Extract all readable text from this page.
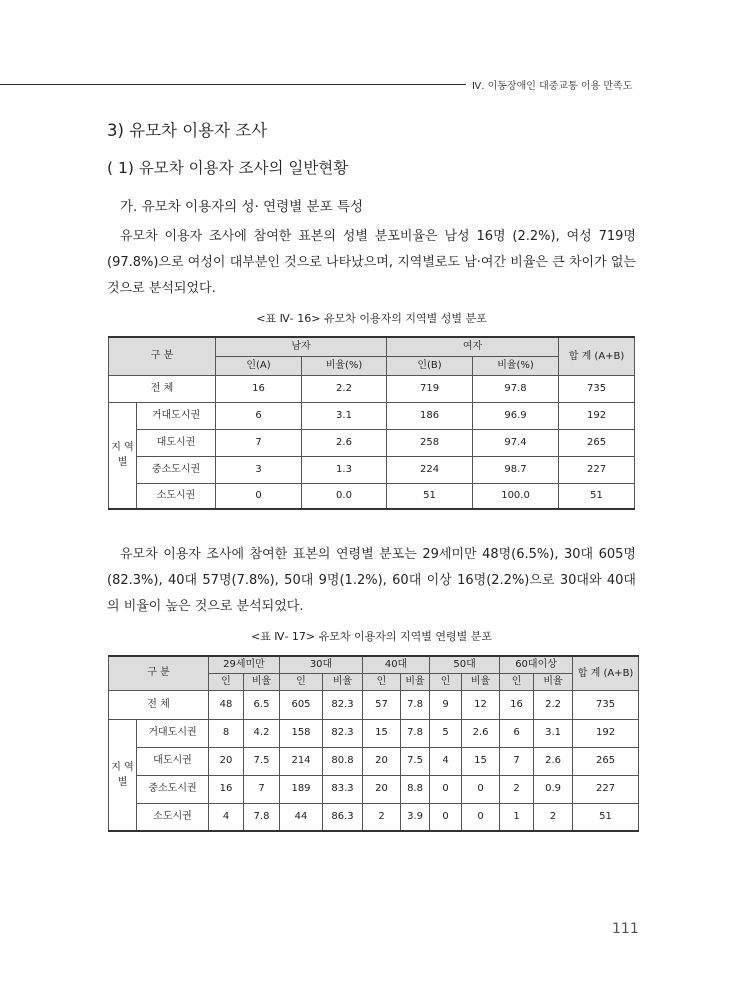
Ⅳ. 이동장애인 대중교통 이용 만족도
3) 유모차 이용자 조사
( 1) 유모차 이용자 조사의 일반현황
가. 유모차 이용자의 성· 연령별 분포 특성
유모차 이용자 조사에 참여한 표본의 성별 분포비율은 남성 16명 (2.2%), 여성 719명 (97.8%)으로 여성이 대부분인 것으로 나타났으며, 지역별로도 남·여간 비율은 큰 차이가 없는 것으로 분석되었다.
<표 Ⅳ- 16> 유모차 이용자의 지역별 성별 분포
구 분		남자		여자		합 계 (A+B)
		인(A)	비율(%)	인(B)	비율(%)	
전 체		16	2.2	719	97.8	735
지 역 별	거대도시권	6	3.1	186	96.9	192
	대도시권	7	2.6	258	97.4	265
	중소도시권	3	1.3	224	98.7	227
	소도시권	0	0.0	51	100.0	51
유모차 이용자 조사에 참여한 표본의 연령별 분포는 29세미만 48명(6.5%), 30대 605명(82.3%), 40대 57명(7.8%), 50대 9명(1.2%), 60대 이상 16명(2.2%)으로 30대와 40대의 비율이 높은 것으로 분석되었다.
<표 Ⅳ- 17> 유모차 이용자의 지역별 연령별 분포
구 분		29세미만		30대		40대		50대		60대이상		합 계 (A+B)
		인	비율	인	비율	인	비율	인	비율	인	비율	
전 체		48	6.5	605	82.3	57	7.8	9	12	16	2.2	735
지 역 별	거대도시권	8	4.2	158	82.3	15	7.8	5	2.6	6	3.1	192
	대도시권	20	7.5	214	80.8	20	7.5	4	15	7	2.6	265
	중소도시권	16	7	189	83.3	20	8.8	0	0	2	0.9	227
	소도시권	4	7.8	44	86.3	2	3.9	0	0	1	2	51
111
